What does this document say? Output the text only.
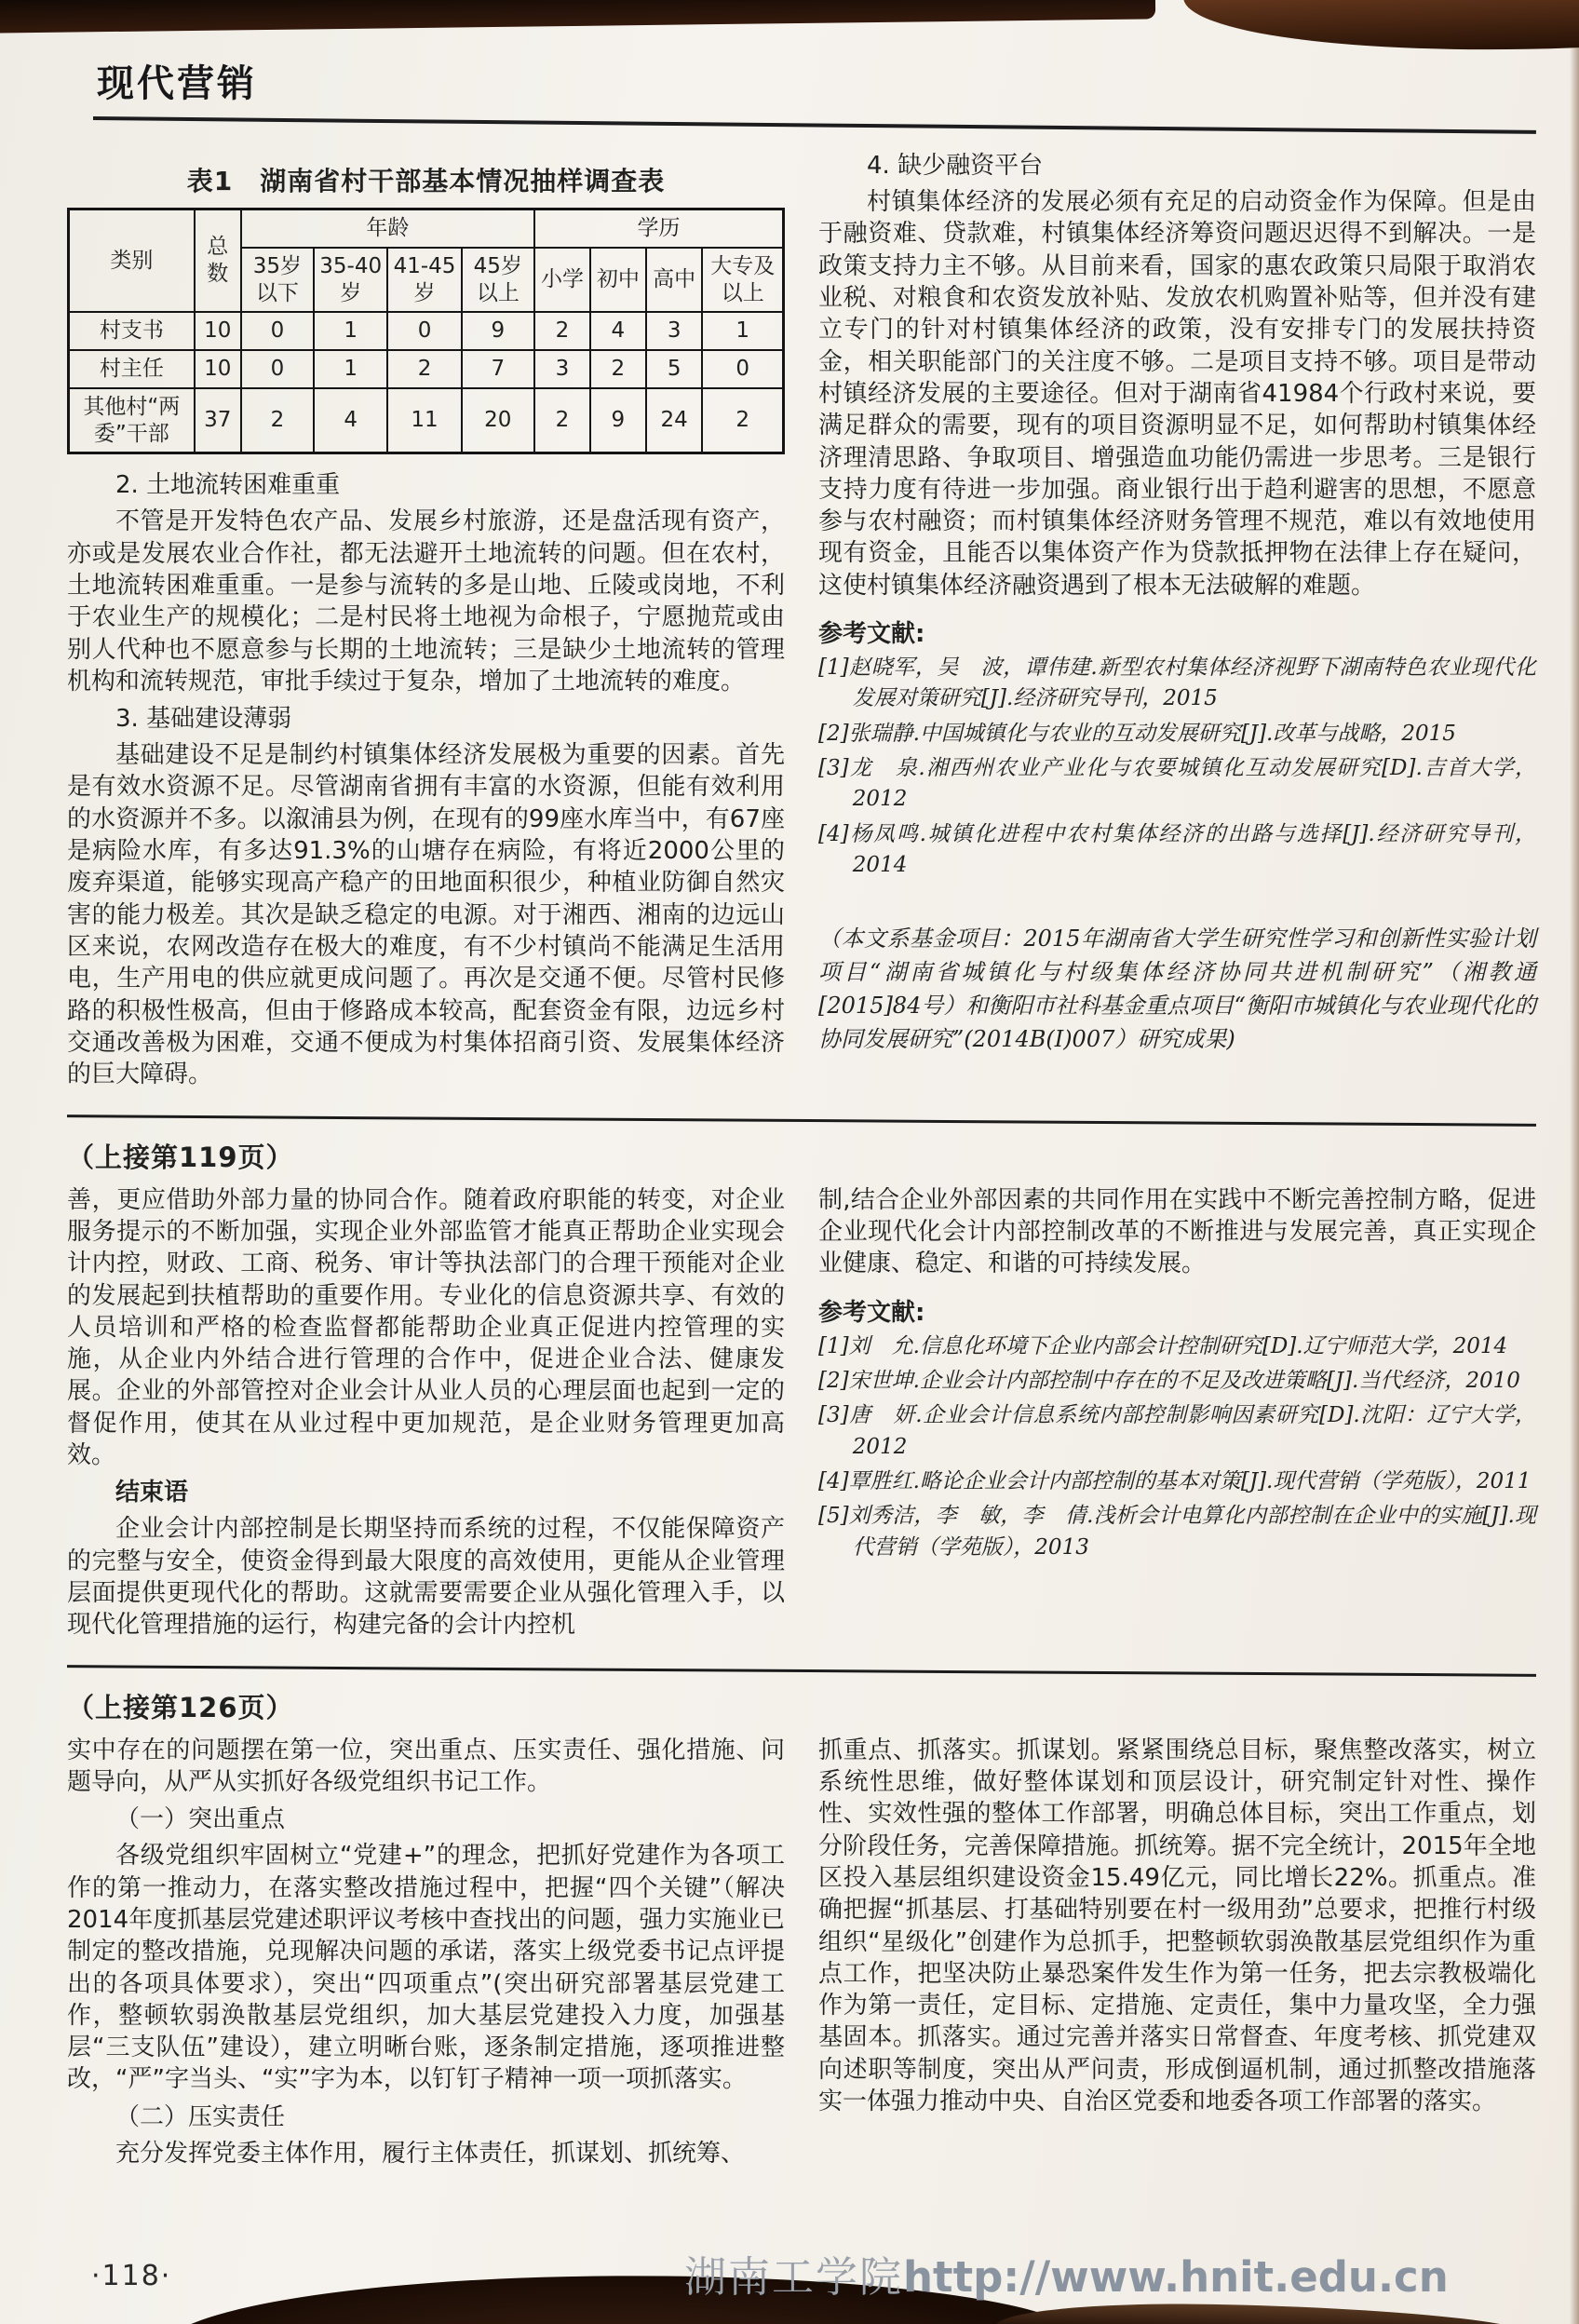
现代营销
表1　湖南省村干部基本情况抽样调查表
类别	总数	年龄				学历			
		35岁以下	35-40岁	41-45岁	45岁以上	小学	初中	高中	大专及以上
村支书	10	0	1	0	9	2	4	3	1
村主任	10	0	1	2	7	3	2	5	0
其他村“两委”干部	37	2	4	11	20	2	9	24	2
2. 土地流转困难重重

不管是开发特色农产品、发展乡村旅游，还是盘活现有资产，亦或是发展农业合作社，都无法避开土地流转的问题。但在农村，土地流转困难重重。一是参与流转的多是山地、丘陵或岗地，不利于农业生产的规模化；二是村民将土地视为命根子，宁愿抛荒或由别人代种也不愿意参与长期的土地流转；三是缺少土地流转的管理机构和流转规范，审批手续过于复杂，增加了土地流转的难度。

3. 基础建设薄弱

基础建设不足是制约村镇集体经济发展极为重要的因素。首先是有效水资源不足。尽管湖南省拥有丰富的水资源，但能有效利用的水资源并不多。以溆浦县为例，在现有的99座水库当中，有67座是病险水库，有多达91.3%的山塘存在病险，有将近2000公里的废弃渠道，能够实现高产稳产的田地面积很少，种植业防御自然灾害的能力极差。其次是缺乏稳定的电源。对于湘西、湘南的边远山区来说，农网改造存在极大的难度，有不少村镇尚不能满足生活用电，生产用电的供应就更成问题了。再次是交通不便。尽管村民修路的积极性极高，但由于修路成本较高，配套资金有限，边远乡村交通改善极为困难，交通不便成为村集体招商引资、发展集体经济的巨大障碍。

4. 缺少融资平台

村镇集体经济的发展必须有充足的启动资金作为保障。但是由于融资难、贷款难，村镇集体经济筹资问题迟迟得不到解决。一是政策支持力主不够。从目前来看，国家的惠农政策只局限于取消农业税、对粮食和农资发放补贴、发放农机购置补贴等，但并没有建立专门的针对村镇集体经济的政策，没有安排专门的发展扶持资金，相关职能部门的关注度不够。二是项目支持不够。项目是带动村镇经济发展的主要途径。但对于湖南省41984个行政村来说，要满足群众的需要，现有的项目资源明显不足，如何帮助村镇集体经济理清思路、争取项目、增强造血功能仍需进一步思考。三是银行支持力度有待进一步加强。商业银行出于趋利避害的思想，不愿意参与农村融资；而村镇集体经济财务管理不规范，难以有效地使用现有资金，且能否以集体资产作为贷款抵押物在法律上存在疑问，这使村镇集体经济融资遇到了根本无法破解的难题。

参考文献:
[1]赵晓军，吴　波，谭伟建.新型农村集体经济视野下湖南特色农业现代化发展对策研究[J].经济研究导刊，2015
[2]张瑞静.中国城镇化与农业的互动发展研究[J].改革与战略，2015
[3]龙　泉.湘西州农业产业化与农要城镇化互动发展研究[D].吉首大学，2012
[4]杨凤鸣.城镇化进程中农村集体经济的出路与选择[J].经济研究导刊，2014

（本文系基金项目：2015年湖南省大学生研究性学习和创新性实验计划项目“湖南省城镇化与村级集体经济协同共进机制研究”（湘教通[2015]84号）和衡阳市社科基金重点项目“衡阳市城镇化与农业现代化的协同发展研究”(2014B(Ⅰ)007）研究成果)

（上接第119页）

善，更应借助外部力量的协同合作。随着政府职能的转变，对企业服务提示的不断加强，实现企业外部监管才能真正帮助企业实现会计内控，财政、工商、税务、审计等执法部门的合理干预能对企业的发展起到扶植帮助的重要作用。专业化的信息资源共享、有效的人员培训和严格的检查监督都能帮助企业真正促进内控管理的实施，从企业内外结合进行管理的合作中，促进企业合法、健康发展。企业的外部管控对企业会计从业人员的心理层面也起到一定的督促作用，使其在从业过程中更加规范，是企业财务管理更加高效。

结束语

企业会计内部控制是长期坚持而系统的过程，不仅能保障资产的完整与安全，使资金得到最大限度的高效使用，更能从企业管理层面提供更现代化的帮助。这就需要需要企业从强化管理入手，以现代化管理措施的运行，构建完备的会计内控机

制,结合企业外部因素的共同作用在实践中不断完善控制方略，促进企业现代化会计内部控制改革的不断推进与发展完善，真正实现企业健康、稳定、和谐的可持续发展。

参考文献:
[1]刘　允.信息化环境下企业内部会计控制研究[D].辽宁师范大学，2014
[2]宋世坤.企业会计内部控制中存在的不足及改进策略[J].当代经济，2010
[3]唐　妍.企业会计信息系统内部控制影响因素研究[D].沈阳：辽宁大学，2012
[4]覃胜红.略论企业会计内部控制的基本对策[J].现代营销（学苑版），2011
[5]刘秀洁，李　敏，李　倩.浅析会计电算化内部控制在企业中的实施[J].现代营销（学苑版），2013
（上接第126页）

实中存在的问题摆在第一位，突出重点、压实责任、强化措施、问题导向，从严从实抓好各级党组织书记工作。

（一）突出重点

各级党组织牢固树立“党建+”的理念，把抓好党建作为各项工作的第一推动力，在落实整改措施过程中，把握“四个关键”（解决2014年度抓基层党建述职评议考核中查找出的问题，强力实施业已制定的整改措施，兑现解决问题的承诺，落实上级党委书记点评提出的各项具体要求），突出“四项重点”(突出研究部署基层党建工作，整顿软弱涣散基层党组织，加大基层党建投入力度，加强基层“三支队伍”建设），建立明晰台账，逐条制定措施，逐项推进整改，“严”字当头、“实”字为本，以钉钉子精神一项一项抓落实。

（二）压实责任

充分发挥党委主体作用，履行主体责任，抓谋划、抓统筹、

抓重点、抓落实。抓谋划。紧紧围绕总目标，聚焦整改落实，树立系统性思维，做好整体谋划和顶层设计，研究制定针对性、操作性、实效性强的整体工作部署，明确总体目标，突出工作重点，划分阶段任务，完善保障措施。抓统筹。据不完全统计，2015年全地区投入基层组织建设资金15.49亿元，同比增长22%。抓重点。准确把握“抓基层、打基础特别要在村一级用劲”总要求，把推行村级组织“星级化”创建作为总抓手，把整顿软弱涣散基层党组织作为重点工作，把坚决防止暴恐案件发生作为第一任务，把去宗教极端化作为第一责任，定目标、定措施、定责任，集中力量攻坚，全力强基固本。抓落实。通过完善并落实日常督查、年度考核、抓党建双向述职等制度，突出从严问责，形成倒逼机制，通过抓整改措施落实一体强力推动中央、自治区党委和地委各项工作部署的落实。

·118·	湖南工学院http://www.hnit.edu.cn
